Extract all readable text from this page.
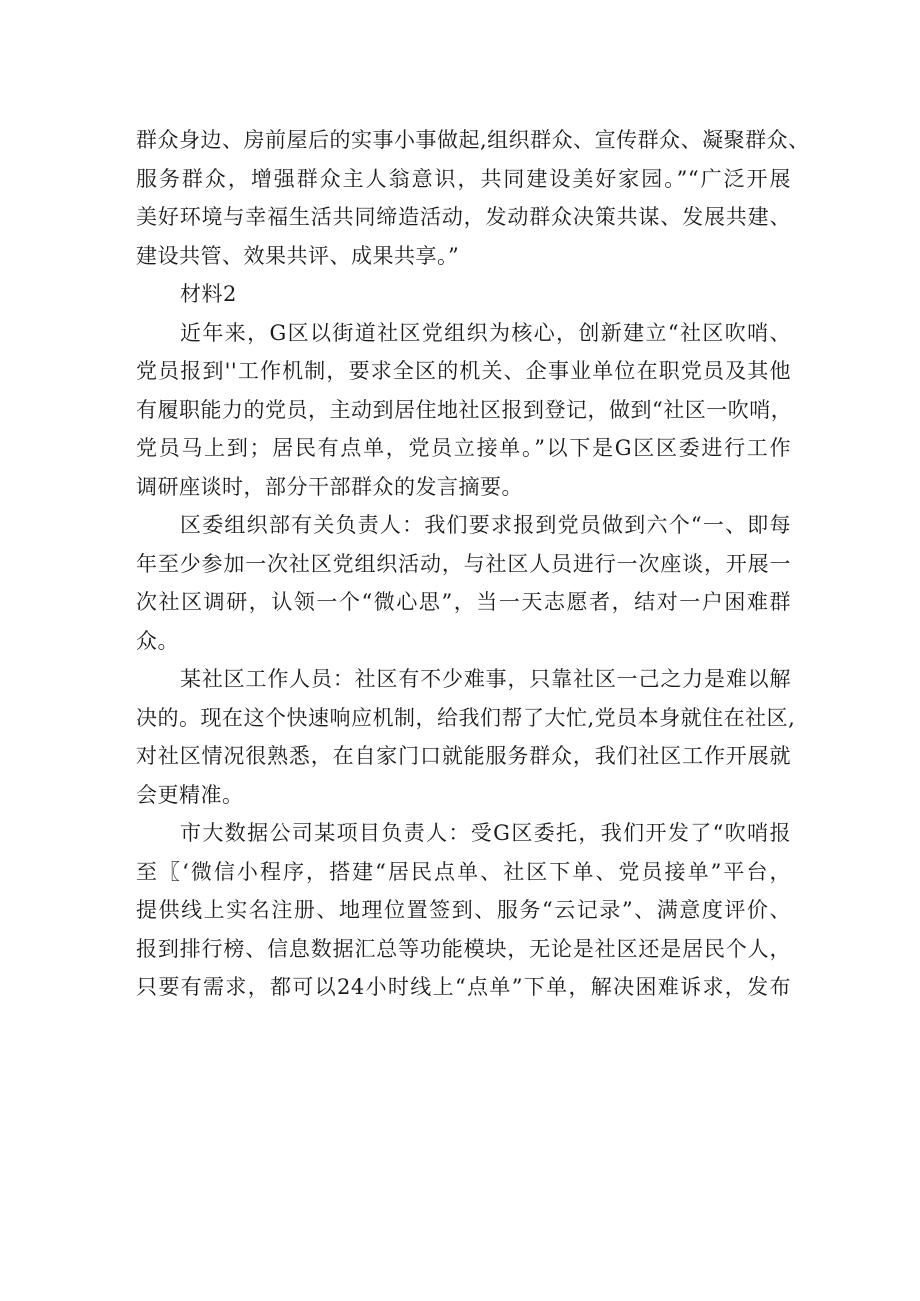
群众身边、房前屋后的实事小事做起,组织群众、宣传群众、凝聚群众、
服务群众，增强群众主人翁意识，共同建设美好家园。”“广泛开展
美好环境与幸福生活共同缔造活动，发动群众决策共谋、发展共建、
建设共管、效果共评、成果共享。”
材料2
近年来，G区以街道社区党组织为核心，创新建立“社区吹哨、
党员报到''工作机制，要求全区的机关、企事业单位在职党员及其他
有履职能力的党员，主动到居住地社区报到登记，做到“社区一吹哨，
党员马上到；居民有点单，党员立接单。”以下是G区区委进行工作
调研座谈时，部分干部群众的发言摘要。
区委组织部有关负责人：我们要求报到党员做到六个“一、即每
年至少参加一次社区党组织活动，与社区人员进行一次座谈，开展一
次社区调研，认领一个“微心思”，当一天志愿者，结对一户困难群
众。
某社区工作人员：社区有不少难事，只靠社区一己之力是难以解
决的。现在这个快速响应机制，给我们帮了大忙,党员本身就住在社区,
对社区情况很熟悉，在自家门口就能服务群众，我们社区工作开展就
会更精准。
市大数据公司某项目负责人：受G区委托，我们开发了“吹哨报
至〖‘微信小程序，搭建“居民点单、社区下单、党员接单”平台，
提供线上实名注册、地理位置签到、服务“云记录”、满意度评价、
报到排行榜、信息数据汇总等功能模块，无论是社区还是居民个人，
只要有需求，都可以24小时线上“点单”下单，解决困难诉求，发布
